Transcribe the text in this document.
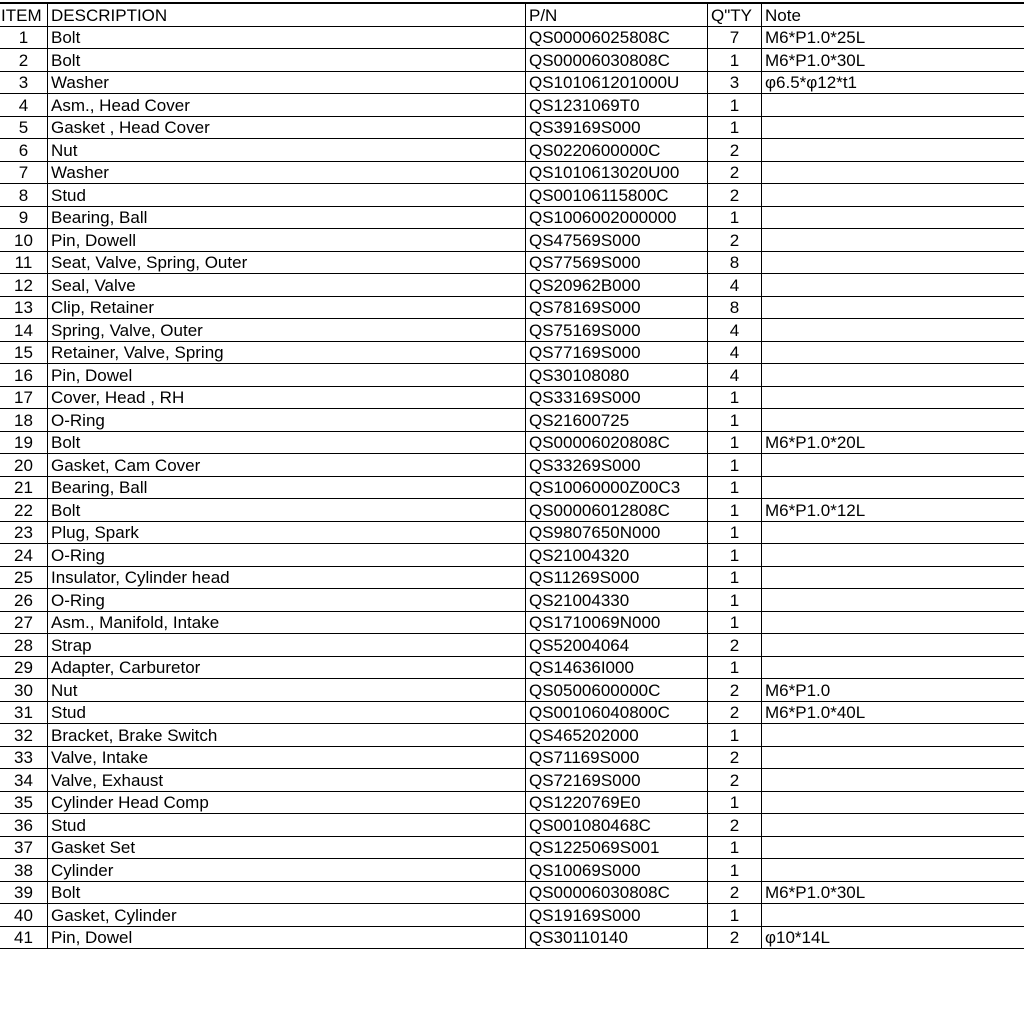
ITEM	DESCRIPTION	P/N	Q"TY	Note
1	Bolt	QS00006025808C	7	M6*P1.0*25L
2	Bolt	QS00006030808C	1	M6*P1.0*30L
3	Washer	QS101061201000U	3	φ6.5*φ12*t1
4	Asm., Head Cover	QS1231069T0	1	
5	Gasket , Head Cover	QS39169S000	1	
6	Nut	QS0220600000C	2	
7	Washer	QS1010613020U00	2	
8	Stud	QS00106115800C	2	
9	Bearing, Ball	QS1006002000000	1	
10	Pin, Dowell	QS47569S000	2	
11	Seat, Valve, Spring, Outer	QS77569S000	8	
12	Seal, Valve	QS20962B000	4	
13	Clip, Retainer	QS78169S000	8	
14	Spring, Valve, Outer	QS75169S000	4	
15	Retainer, Valve, Spring	QS77169S000	4	
16	Pin, Dowel	QS30108080	4	
17	Cover, Head , RH	QS33169S000	1	
18	O-Ring	QS21600725	1	
19	Bolt	QS00006020808C	1	M6*P1.0*20L
20	Gasket, Cam Cover	QS33269S000	1	
21	Bearing, Ball	QS10060000Z00C3	1	
22	Bolt	QS00006012808C	1	M6*P1.0*12L
23	Plug, Spark	QS9807650N000	1	
24	O-Ring	QS21004320	1	
25	Insulator, Cylinder head	QS11269S000	1	
26	O-Ring	QS21004330	1	
27	Asm., Manifold, Intake	QS1710069N000	1	
28	Strap	QS52004064	2	
29	Adapter, Carburetor	QS14636I000	1	
30	Nut	QS0500600000C	2	M6*P1.0
31	Stud	QS00106040800C	2	M6*P1.0*40L
32	Bracket, Brake Switch	QS465202000	1	
33	Valve, Intake	QS71169S000	2	
34	Valve, Exhaust	QS72169S000	2	
35	Cylinder Head Comp	QS1220769E0	1	
36	Stud	QS001080468C	2	
37	Gasket Set	QS1225069S001	1	
38	Cylinder	QS10069S000	1	
39	Bolt	QS00006030808C	2	M6*P1.0*30L
40	Gasket, Cylinder	QS19169S000	1	
41	Pin, Dowel	QS30110140	2	φ10*14L
